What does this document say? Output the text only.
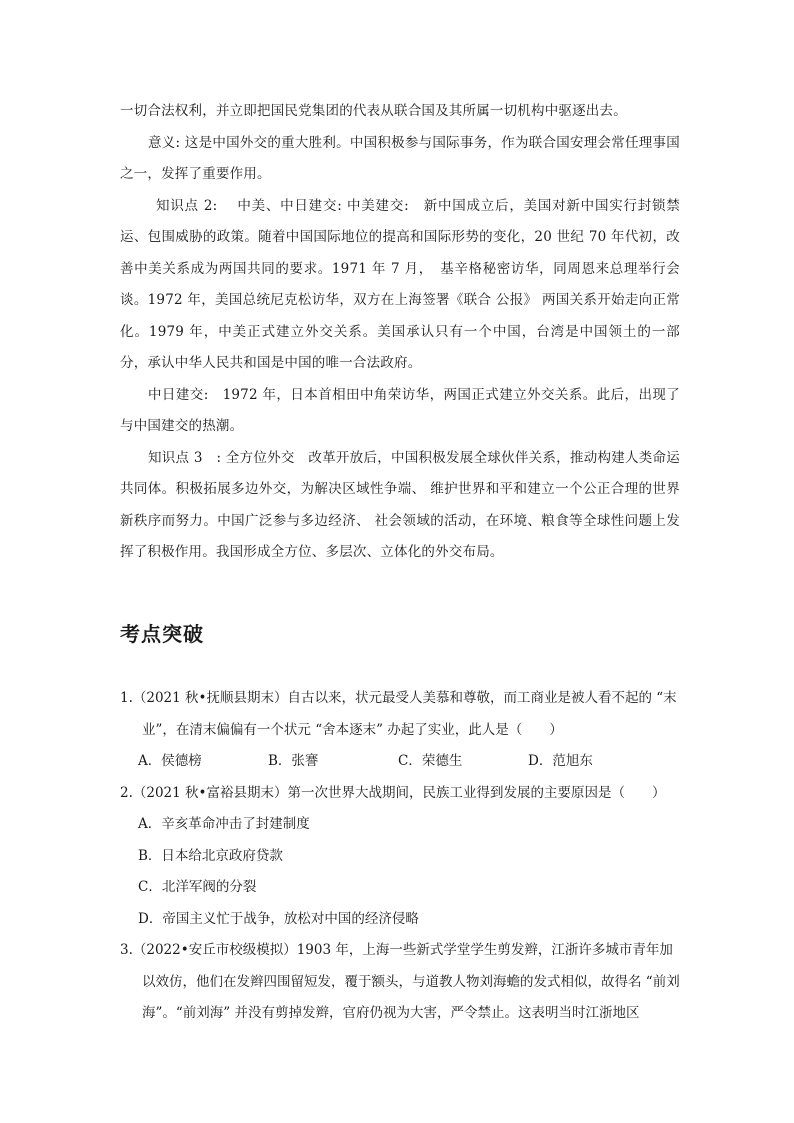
一切合法权利，并立即把国民党集团的代表从联合国及其所属一切机构中驱逐出去。

意义: 这是中国外交的重大胜利。中国积极参与国际事务，作为联合国安理会常任理事国之一，发挥了重要作用。

知识点 2:　 中美、中日建交: 中美建交:　新中国成立后，美国对新中国实行封锁禁运、包围威胁的政策。随着中国国际地位的提高和国际形势的变化，20 世纪 70 年代初，改善中美关系成为两国共同的要求。1971 年 7 月，　基辛格秘密访华，同周恩来总理举行会谈。1972 年，美国总统尼克松访华，双方在上海签署《联合 公报》 两国关系开始走向正常化。1979 年，中美正式建立外交关系。美国承认只有一个中国，台湾是中国领土的一部分，承认中华人民共和国是中国的唯一合法政府。

中日建交:　1972 年，日本首相田中角荣访华，两国正式建立外交关系。此后，出现了与中国建交的热潮。

知识点 3　: 全方位外交　改革开放后，中国积极发展全球伙伴关系，推动构建人类命运共同体。积极拓展多边外交，为解决区域性争端、 维护世界和平和建立一个公正合理的世界新秩序而努力。中国广泛参与多边经济、 社会领域的活动，在环境、粮食等全球性问题上发挥了积极作用。我国形成全方位、多层次、立体化的外交布局。

考点突破

1.（2021 秋•抚顺县期末）自古以来，状元最受人美慕和尊敬，而工商业是被人看不起的 “末业”，在清末偏偏有一个状元 “舍本逐末” 办起了实业，此人是（　　）

A．侯德榜	B．张謇	C．荣德生	D．范旭东

2.（2021 秋•富裕县期末）第一次世界大战期间，民族工业得到发展的主要原因是（　　）

A．辛亥革命冲击了封建制度

B．日本给北京政府贷款

C．北洋军阀的分裂

D．帝国主义忙于战争，放松对中国的经济侵略

3.（2022•安丘市校级模拟）1903 年，上海一些新式学堂学生剪发辫，江浙许多城市青年加以效仿，他们在发辫四围留短发，覆于额头，与道教人物刘海蟾的发式相似，故得名 “前刘海”。“前刘海” 并没有剪掉发辫，官府仍视为大害，严令禁止。这表明当时江浙地区
